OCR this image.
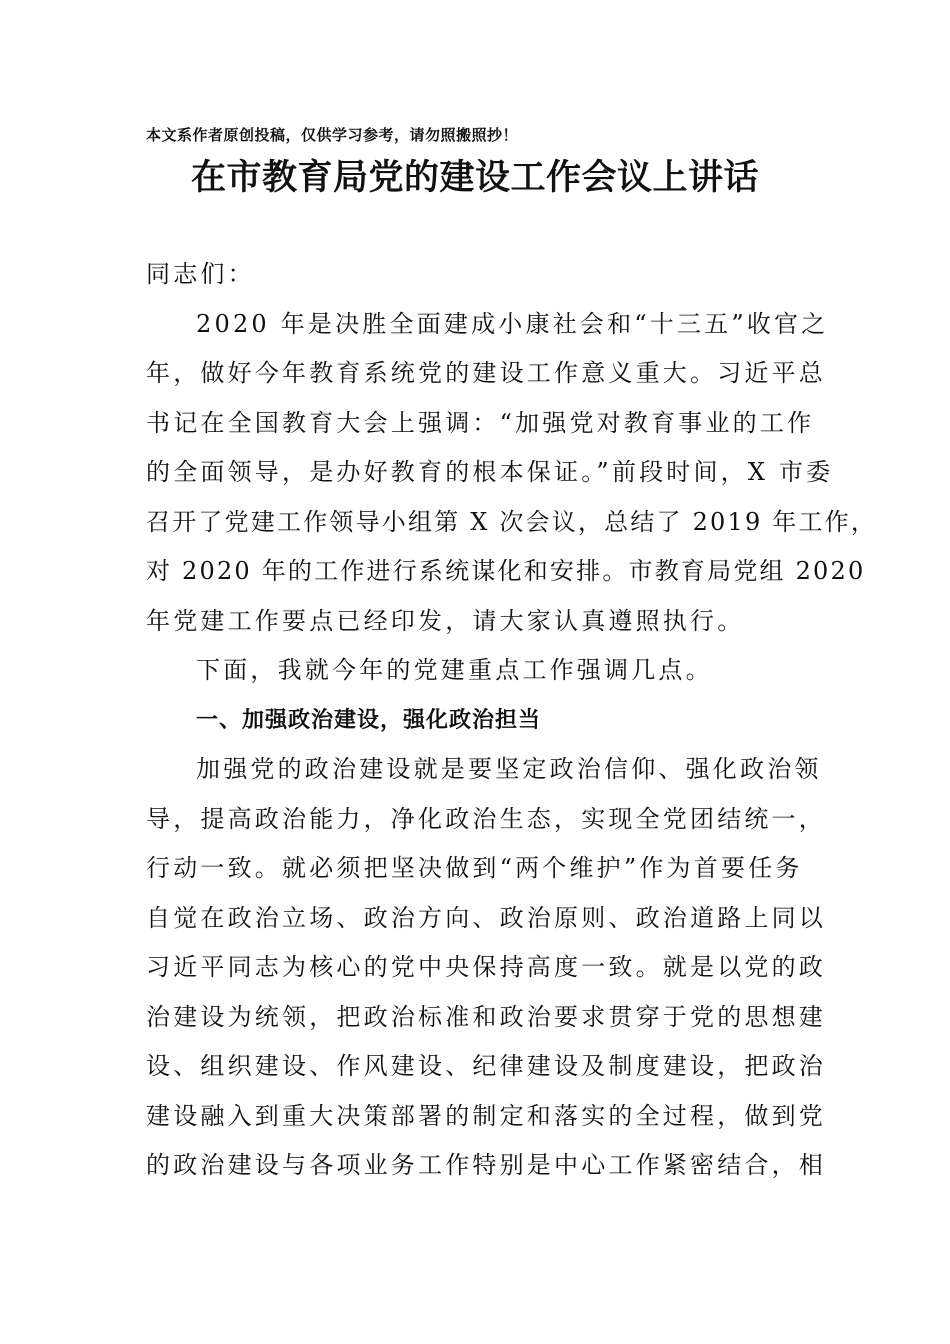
本文系作者原创投稿，仅供学习参考，请勿照搬照抄！
在市教育局党的建设工作会议上讲话
同志们：
2020 年是决胜全面建成小康社会和“十三五”收官之
年，做好今年教育系统党的建设工作意义重大。习近平总
书记在全国教育大会上强调：“加强党对教育事业的工作
的全面领导，是办好教育的根本保证。”前段时间，X 市委
召开了党建工作领导小组第 X 次会议，总结了 2019 年工作，
对 2020 年的工作进行系统谋化和安排。市教育局党组 2020
年党建工作要点已经印发，请大家认真遵照执行。
下面，我就今年的党建重点工作强调几点。
一、加强政治建设，强化政治担当
加强党的政治建设就是要坚定政治信仰、强化政治领
导，提高政治能力，净化政治生态，实现全党团结统一，
行动一致。就必须把坚决做到“两个维护”作为首要任务
自觉在政治立场、政治方向、政治原则、政治道路上同以
习近平同志为核心的党中央保持高度一致。就是以党的政
治建设为统领，把政治标准和政治要求贯穿于党的思想建
设、组织建设、作风建设、纪律建设及制度建设，把政治
建设融入到重大决策部署的制定和落实的全过程，做到党
的政治建设与各项业务工作特别是中心工作紧密结合，相
